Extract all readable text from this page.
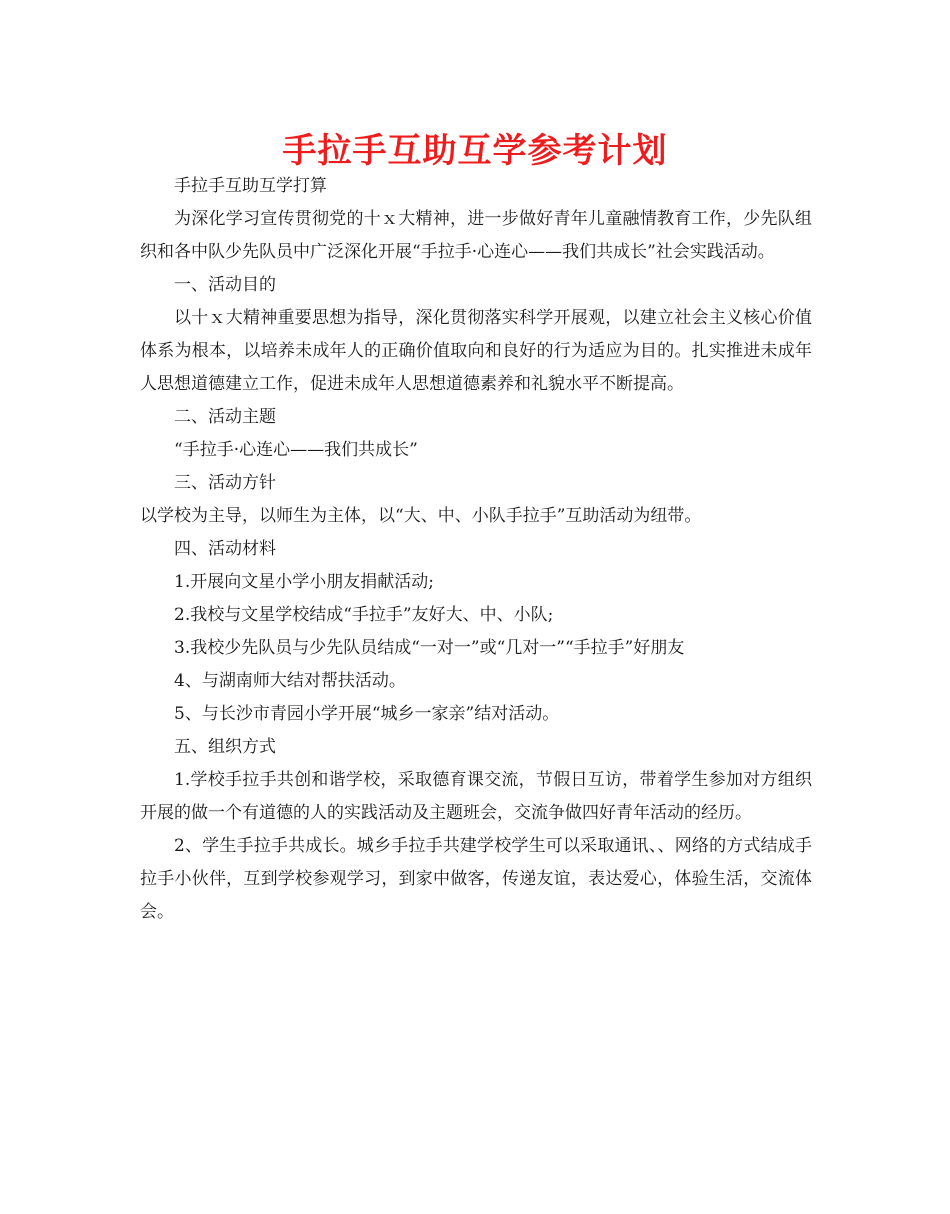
手拉手互助互学参考计划

手拉手互助互学打算

为深化学习宣传贯彻党的十ｘ大精神，进一步做好青年儿童融情教育工作，少先队组织和各中队少先队员中广泛深化开展“手拉手·心连心——我们共成长”社会实践活动。

一、活动目的

以十ｘ大精神重要思想为指导，深化贯彻落实科学开展观，以建立社会主义核心价值体系为根本，以培养未成年人的正确价值取向和良好的行为适应为目的。扎实推进未成年人思想道德建立工作，促进未成年人思想道德素养和礼貌水平不断提高。

二、活动主题

“手拉手·心连心——我们共成长”

三、活动方针

以学校为主导，以师生为主体，以“大、中、小队手拉手”互助活动为纽带。

四、活动材料

1.开展向文星小学小朋友捐献活动;

2.我校与文星学校结成“手拉手”友好大、中、小队;

3.我校少先队员与少先队员结成“一对一”或“几对一”“手拉手”好朋友

4、与湖南师大结对帮扶活动。

5、与长沙市青园小学开展“城乡一家亲”结对活动。

五、组织方式

1.学校手拉手共创和谐学校，采取德育课交流，节假日互访，带着学生参加对方组织开展的做一个有道德的人的实践活动及主题班会，交流争做四好青年活动的经历。

2、学生手拉手共成长。城乡手拉手共建学校学生可以采取通讯、、网络的方式结成手拉手小伙伴，互到学校参观学习，到家中做客，传递友谊，表达爱心，体验生活，交流体会。
